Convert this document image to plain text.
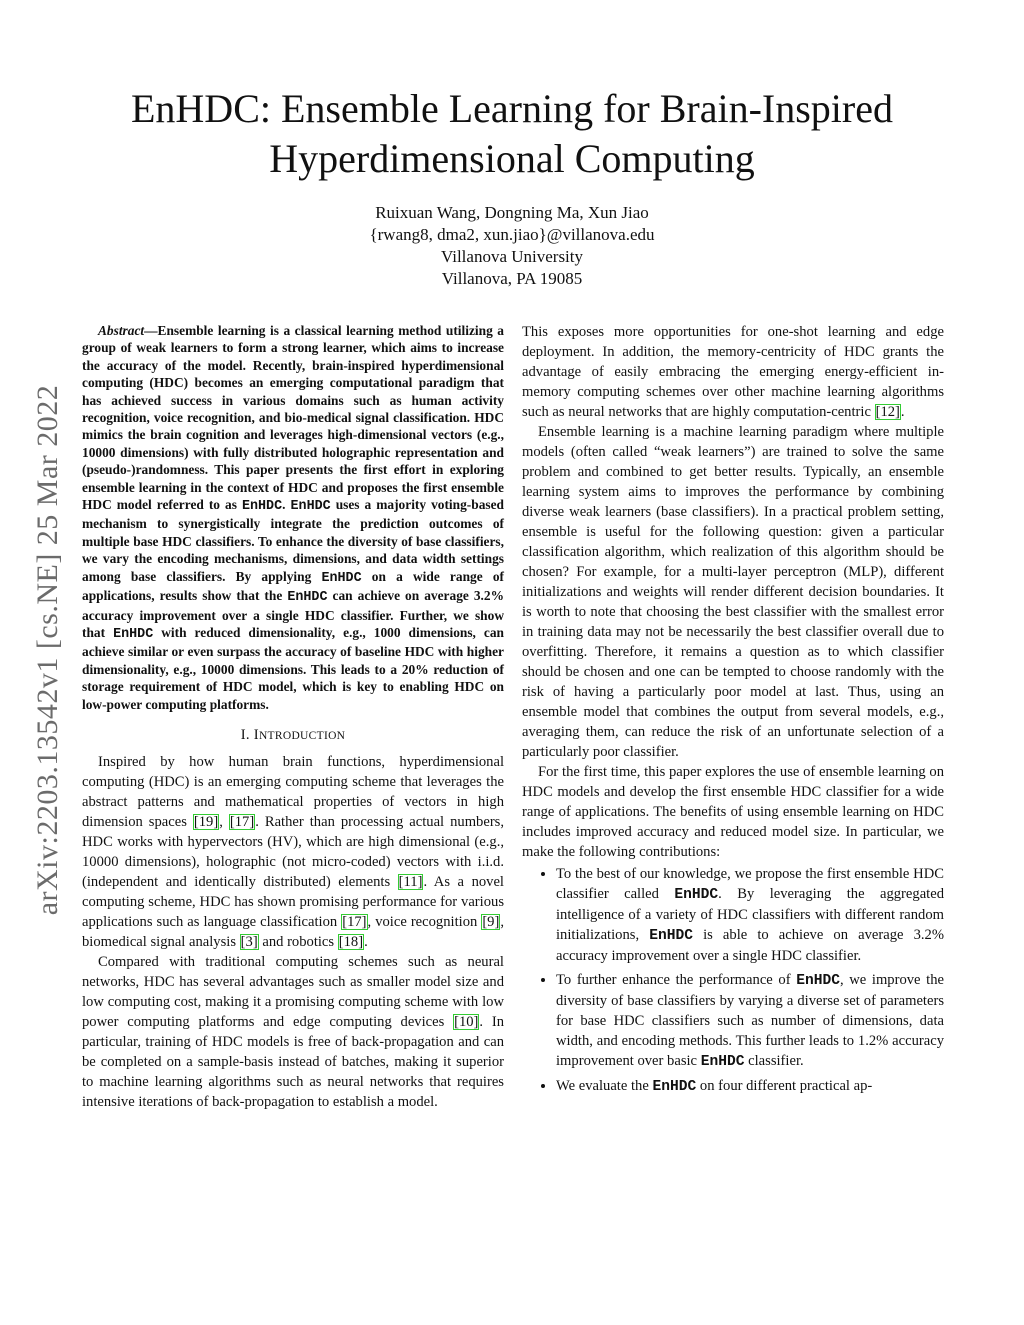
arXiv:2203.13542v1 [cs.NE] 25 Mar 2022
EnHDC: Ensemble Learning for Brain-Inspired
Hyperdimensional Computing
Ruixuan Wang, Dongning Ma, Xun Jiao
{rwang8, dma2, xun.jiao}@villanova.edu
Villanova University
Villanova, PA 19085

Abstract—Ensemble learning is a classical learning method utilizing a group of weak learners to form a strong learner, which aims to increase the accuracy of the model. Recently, brain-inspired hyperdimensional computing (HDC) becomes an emerging computational paradigm that has achieved success in various domains such as human activity recognition, voice recognition, and bio-medical signal classification. HDC mimics the brain cognition and leverages high-dimensional vectors (e.g., 10000 dimensions) with fully distributed holographic representation and (pseudo-)randomness. This paper presents the first effort in exploring ensemble learning in the context of HDC and proposes the first ensemble HDC model referred to as EnHDC. EnHDC uses a majority voting-based mechanism to synergistically integrate the prediction outcomes of multiple base HDC classifiers. To enhance the diversity of base classifiers, we vary the encoding mechanisms, dimensions, and data width settings among base classifiers. By applying EnHDC on a wide range of applications, results show that the EnHDC can achieve on average 3.2% accuracy improvement over a single HDC classifier. Further, we show that EnHDC with reduced dimensionality, e.g., 1000 dimensions, can achieve similar or even surpass the accuracy of baseline HDC with higher dimensionality, e.g., 10000 dimensions. This leads to a 20% reduction of storage requirement of HDC model, which is key to enabling HDC on low-power computing platforms.

I. INTRODUCTION

Inspired by how human brain functions, hyperdimensional computing (HDC) is an emerging computing scheme that leverages the abstract patterns and mathematical properties of vectors in high dimension spaces [19], [17]. Rather than processing actual numbers, HDC works with hypervectors (HV), which are high dimensional (e.g., 10000 dimensions), holographic (not micro-coded) vectors with i.i.d. (independent and identically distributed) elements [11]. As a novel computing scheme, HDC has shown promising performance for various applications such as language classification [17], voice recognition [9], biomedical signal analysis [3] and robotics [18].

Compared with traditional computing schemes such as neural networks, HDC has several advantages such as smaller model size and low computing cost, making it a promising computing scheme with low power computing platforms and edge computing devices [10]. In particular, training of HDC models is free of back-propagation and can be completed on a sample-basis instead of batches, making it superior to machine learning algorithms such as neural networks that requires intensive iterations of back-propagation to establish a model.

This exposes more opportunities for one-shot learning and edge deployment. In addition, the memory-centricity of HDC grants the advantage of easily embracing the emerging energy-efficient in-memory computing schemes over other machine learning algorithms such as neural networks that are highly computation-centric [12].

Ensemble learning is a machine learning paradigm where multiple models (often called “weak learners”) are trained to solve the same problem and combined to get better results. Typically, an ensemble learning system aims to improves the performance by combining diverse weak learners (base classifiers). In a practical problem setting, ensemble is useful for the following question: given a particular classification algorithm, which realization of this algorithm should be chosen? For example, for a multi-layer perceptron (MLP), different initializations and weights will render different decision boundaries. It is worth to note that choosing the best classifier with the smallest error in training data may not be necessarily the best classifier overall due to overfitting. Therefore, it remains a question as to which classifier should be chosen and one can be tempted to choose randomly with the risk of having a particularly poor model at last. Thus, using an ensemble model that combines the output from several models, e.g., averaging them, can reduce the risk of an unfortunate selection of a particularly poor classifier.

For the first time, this paper explores the use of ensemble learning on HDC models and develop the first ensemble HDC classifier for a wide range of applications. The benefits of using ensemble learning on HDC includes improved accuracy and reduced model size. In particular, we make the following contributions:

• To the best of our knowledge, we propose the first ensemble HDC classifier called EnHDC. By leveraging the aggregated intelligence of a variety of HDC classifiers with different random initializations, EnHDC is able to achieve on average 3.2% accuracy improvement over a single HDC classifier.
• To further enhance the performance of EnHDC, we improve the diversity of base classifiers by varying a diverse set of parameters for base HDC classifiers such as number of dimensions, data width, and encoding methods. This further leads to 1.2% accuracy improvement over basic EnHDC classifier.
• We evaluate the EnHDC on four different practical ap-
